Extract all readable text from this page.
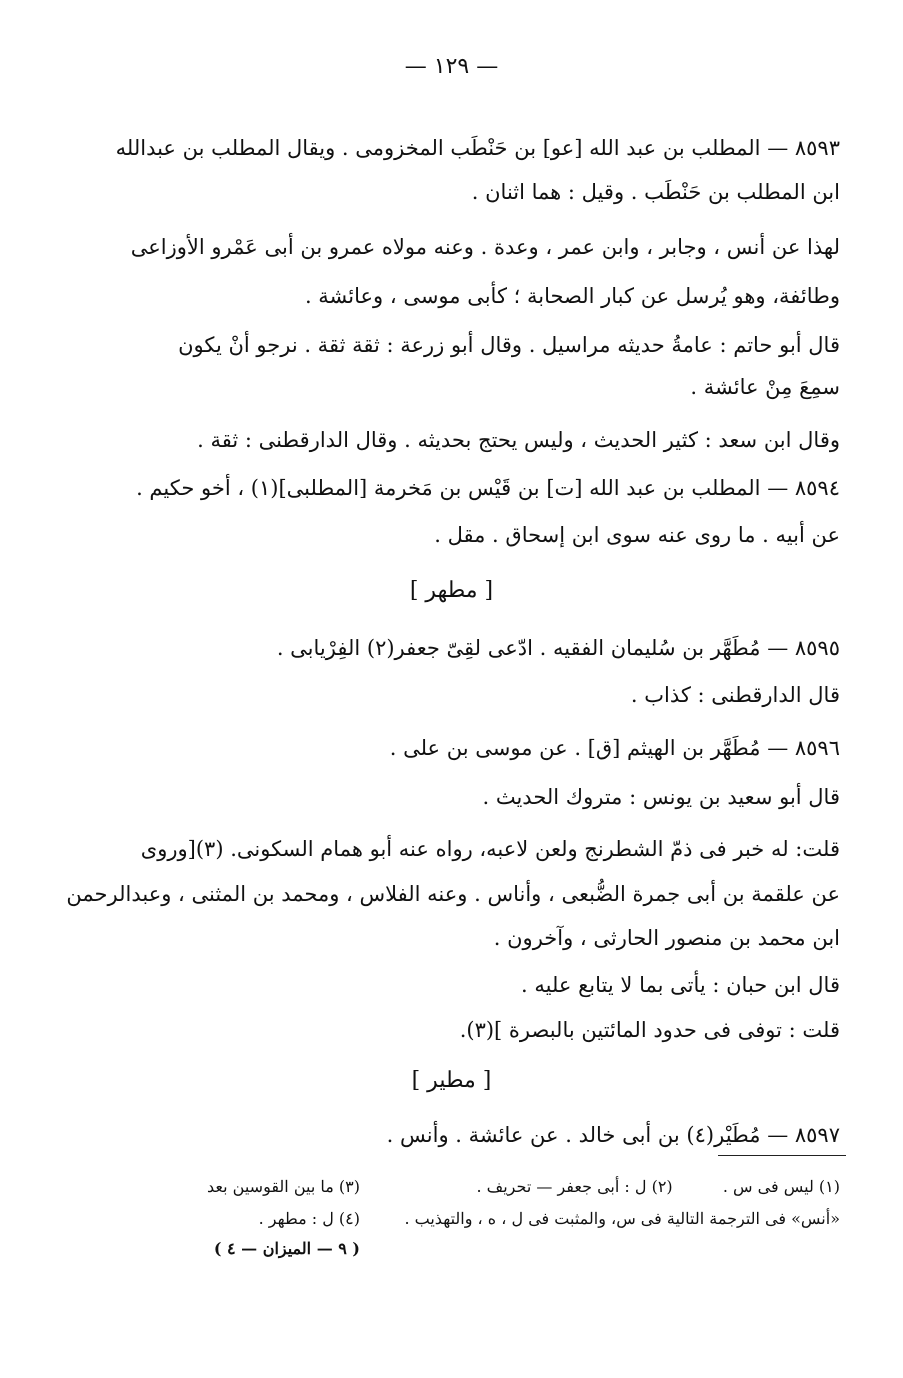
— ١٢٩ —
٨٥٩٣ — المطلب بن عبد الله [عو] بن حَنْطَب المخزومى . ويقال المطلب بن عبدالله
ابن المطلب بن حَنْطَب . وقيل : هما اثنان .
لهذا عن أنس ، وجابر ، وابن عمر ، وعدة . وعنه مولاه عمرو بن أبى عَمْرو الأوزاعى
وطائفة، وهو يُرسل عن كبار الصحابة ؛ كأبى موسى ، وعائشة .
قال أبو حاتم : عامةُ حديثه مراسيل . وقال أبو زرعة : ثقة ثقة . نرجو أنْ يكون
سمِعَ مِنْ عائشة .
وقال ابن سعد : كثير الحديث ، وليس يحتج بحديثه . وقال الدارقطنى : ثقة .
٨٥٩٤ — المطلب بن عبد الله [ت] بن قَيْس بن مَخرمة [المطلبى](١) ، أخو حكيم .
عن أبيه . ما روى عنه سوى ابن إسحاق . مقل .
[ مطهر ]
٨٥٩٥ — مُطَهَّر بن سُليمان الفقيه . ادّعى لقِىّ جعفر(٢) الفِرْيابى .
قال الدارقطنى : كذاب .
٨٥٩٦ — مُطَهَّر بن الهيثم [ق] . عن موسى بن على .
قال أبو سعيد بن يونس : متروك الحديث .
قلت: له خبر فى ذمّ الشطرنج ولعن لاعبه، رواه عنه أبو همام السكونى. (٣)[وروى
عن علقمة بن أبى جمرة الضُّبعى ، وأناس . وعنه الفلاس ، ومحمد بن المثنى ، وعبدالرحمن
ابن محمد بن منصور الحارثى ، وآخرون .
قال ابن حبان : يأتى بما لا يتابع عليه .
قلت : توفى فى حدود المائتين بالبصرة ](٣).
[ مطير ]
٨٥٩٧ — مُطَيْر(٤) بن أبى خالد . عن عائشة . وأنس .
(١) ليس فى س .  (٢) ل : أبى جعفر — تحريف .
(٣) ما بين القوسين بعد
«أنس» فى الترجمة التالية فى س، والمثبت فى ل ، ه ، والتهذيب .
(٤) ل : مطهر .
( ٩ — الميزان — ٤ )
